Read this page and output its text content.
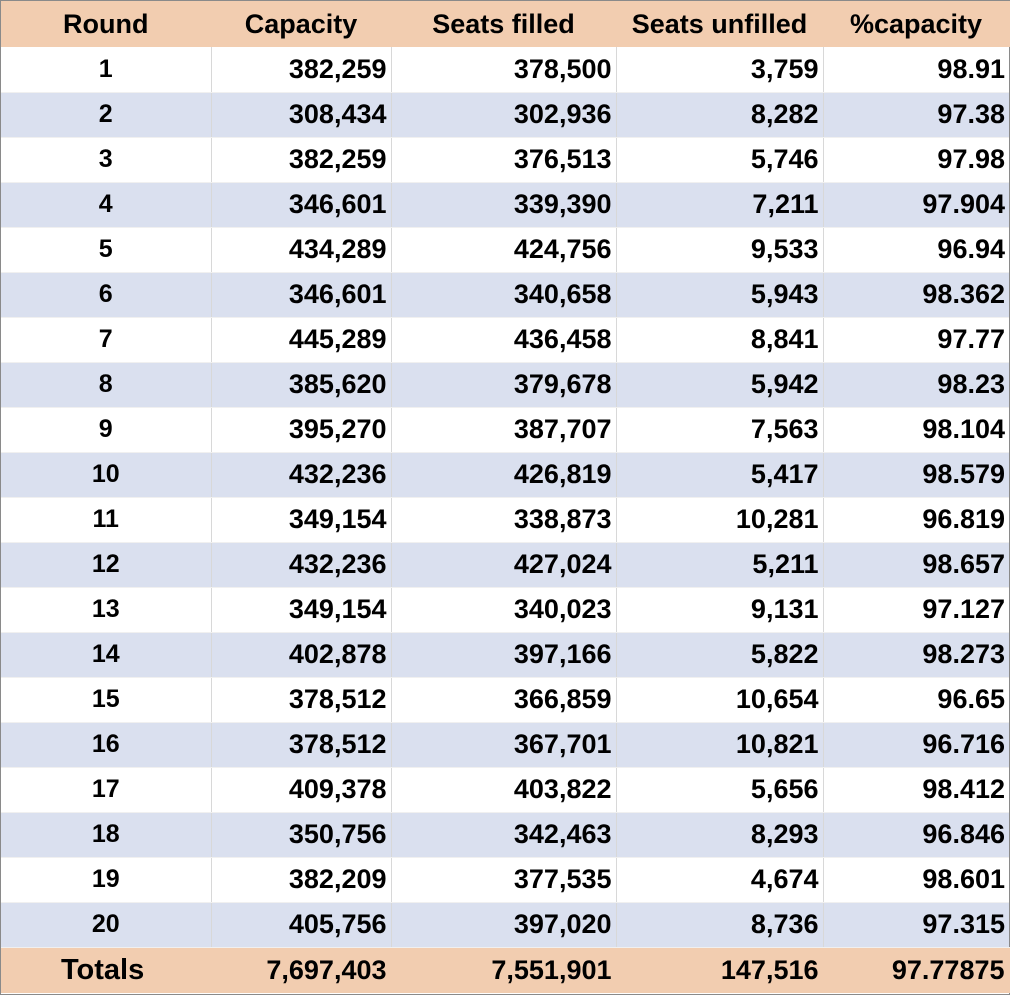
Round	Capacity	Seats filled	Seats unfilled	%capacity
1	382,259	378,500	3,759	98.91
2	308,434	302,936	8,282	97.38
3	382,259	376,513	5,746	97.98
4	346,601	339,390	7,211	97.904
5	434,289	424,756	9,533	96.94
6	346,601	340,658	5,943	98.362
7	445,289	436,458	8,841	97.77
8	385,620	379,678	5,942	98.23
9	395,270	387,707	7,563	98.104
10	432,236	426,819	5,417	98.579
11	349,154	338,873	10,281	96.819
12	432,236	427,024	5,211	98.657
13	349,154	340,023	9,131	97.127
14	402,878	397,166	5,822	98.273
15	378,512	366,859	10,654	96.65
16	378,512	367,701	10,821	96.716
17	409,378	403,822	5,656	98.412
18	350,756	342,463	8,293	96.846
19	382,209	377,535	4,674	98.601
20	405,756	397,020	8,736	97.315
Totals	7,697,403	7,551,901	147,516	97.77875
